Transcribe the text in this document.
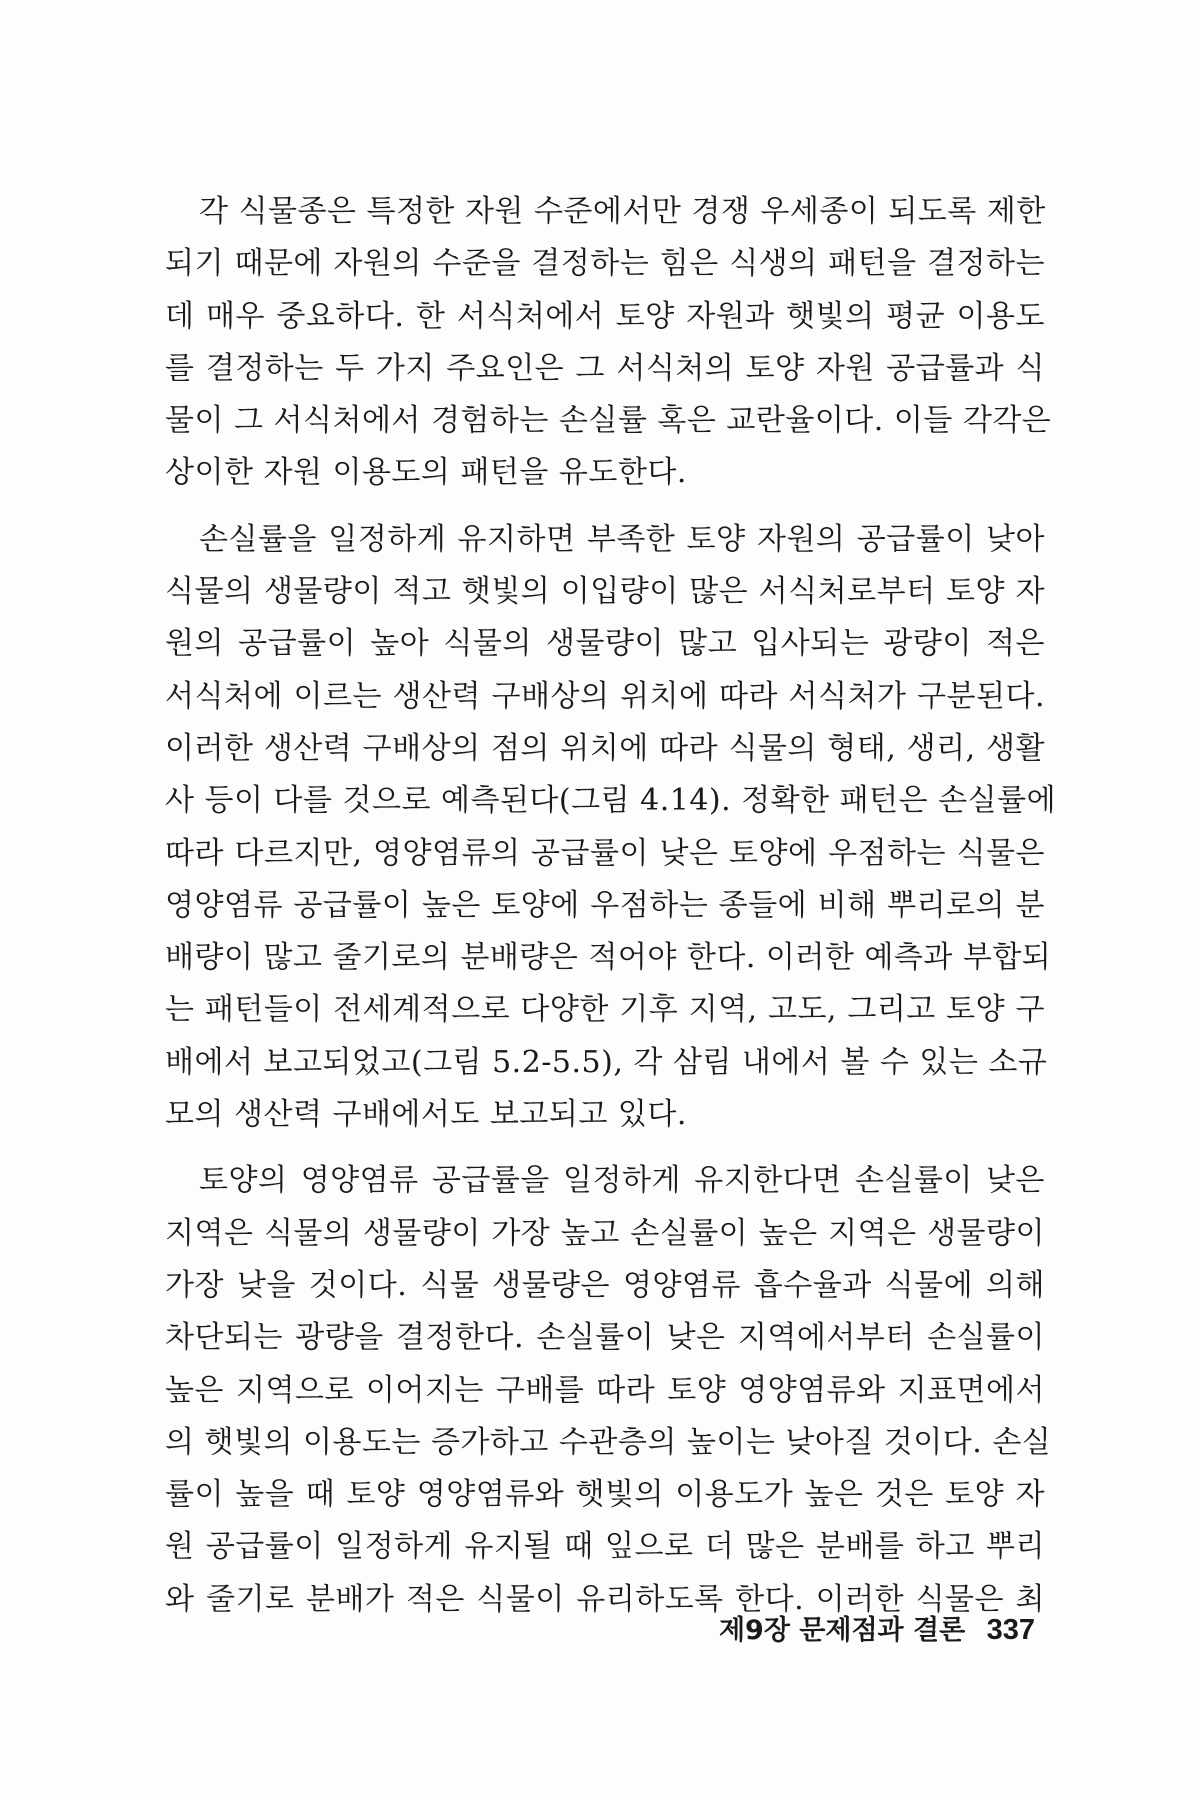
각 식물종은 특정한 자원 수준에서만 경쟁 우세종이 되도록 제한
되기 때문에 자원의 수준을 결정하는 힘은 식생의 패턴을 결정하는
데 매우 중요하다. 한 서식처에서 토양 자원과 햇빛의 평균 이용도
를 결정하는 두 가지 주요인은 그 서식처의 토양 자원 공급률과 식
물이 그 서식처에서 경험하는 손실률 혹은 교란율이다. 이들 각각은
상이한 자원 이용도의 패턴을 유도한다.
손실률을 일정하게 유지하면 부족한 토양 자원의 공급률이 낮아
식물의 생물량이 적고 햇빛의 이입량이 많은 서식처로부터 토양 자
원의 공급률이 높아 식물의 생물량이 많고 입사되는 광량이 적은
서식처에 이르는 생산력 구배상의 위치에 따라 서식처가 구분된다.
이러한 생산력 구배상의 점의 위치에 따라 식물의 형태, 생리, 생활
사 등이 다를 것으로 예측된다(그림 4.14). 정확한 패턴은 손실률에
따라 다르지만, 영양염류의 공급률이 낮은 토양에 우점하는 식물은
영양염류 공급률이 높은 토양에 우점하는 종들에 비해 뿌리로의 분
배량이 많고 줄기로의 분배량은 적어야 한다. 이러한 예측과 부합되
는 패턴들이 전세계적으로 다양한 기후 지역, 고도, 그리고 토양 구
배에서 보고되었고(그림 5.2-5.5), 각 삼림 내에서 볼 수 있는 소규
모의 생산력 구배에서도 보고되고 있다.
토양의 영양염류 공급률을 일정하게 유지한다면 손실률이 낮은
지역은 식물의 생물량이 가장 높고 손실률이 높은 지역은 생물량이
가장 낮을 것이다. 식물 생물량은 영양염류 흡수율과 식물에 의해
차단되는 광량을 결정한다. 손실률이 낮은 지역에서부터 손실률이
높은 지역으로 이어지는 구배를 따라 토양 영양염류와 지표면에서
의 햇빛의 이용도는 증가하고 수관층의 높이는 낮아질 것이다. 손실
률이 높을 때 토양 영양염류와 햇빛의 이용도가 높은 것은 토양 자
원 공급률이 일정하게 유지될 때 잎으로 더 많은 분배를 하고 뿌리
와 줄기로 분배가 적은 식물이 유리하도록 한다. 이러한 식물은 최
제9장 문제점과 결론 337
